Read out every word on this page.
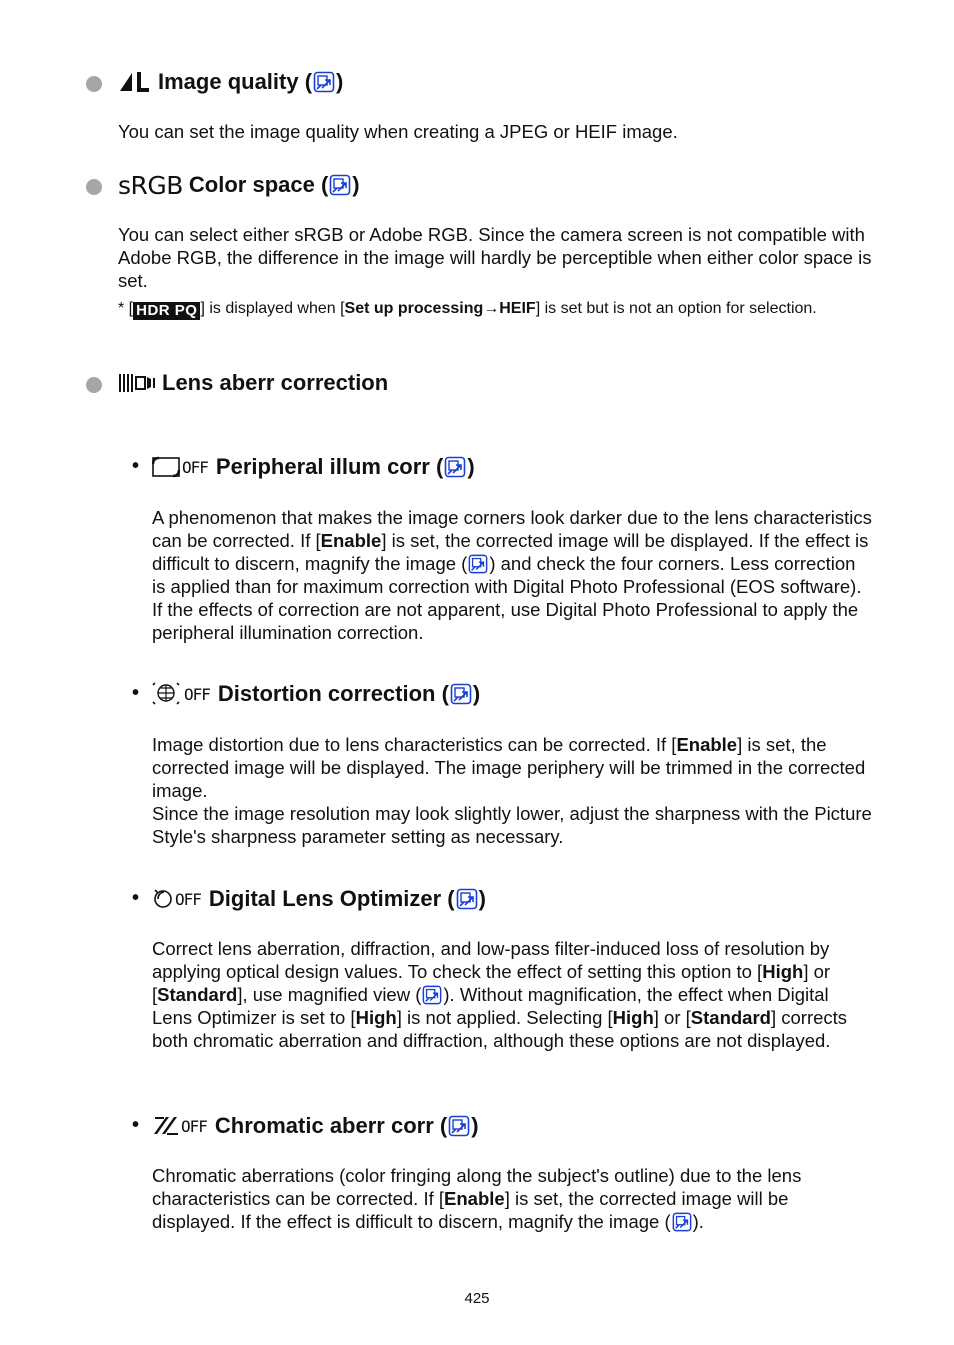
Image quality ( )
You can set the image quality when creating a JPEG or HEIF image.
sRGB Color space ( )
You can select either sRGB or Adobe RGB. Since the camera screen is not compatible with Adobe RGB, the difference in the image will hardly be perceptible when either color space is set.
* [ HDR PQ ] is displayed when [Set up processing→HEIF] is set but is not an option for selection.
Lens aberr correction
•	OFF Peripheral illum corr ( )
A phenomenon that makes the image corners look darker due to the lens characteristics can be corrected. If [Enable] is set, the corrected image will be displayed. If the effect is difficult to discern, magnify the image ( ) and check the four corners. Less correction is applied than for maximum correction with Digital Photo Professional (EOS software). If the effects of correction are not apparent, use Digital Photo Professional to apply the peripheral illumination correction.
•	OFF Distortion correction ( )
Image distortion due to lens characteristics can be corrected. If [Enable] is set, the corrected image will be displayed. The image periphery will be trimmed in the corrected image.
Since the image resolution may look slightly lower, adjust the sharpness with the Picture Style's sharpness parameter setting as necessary.
• OFF Digital Lens Optimizer ( )
Correct lens aberration, diffraction, and low-pass filter-induced loss of resolution by applying optical design values. To check the effect of setting this option to [High] or [Standard], use magnified view ( ). Without magnification, the effect when Digital Lens Optimizer is set to [High] is not applied. Selecting [High] or [Standard] corrects both chromatic aberration and diffraction, although these options are not displayed.
•	OFF Chromatic aberr corr ( )
Chromatic aberrations (color fringing along the subject's outline) due to the lens characteristics can be corrected. If [Enable] is set, the corrected image will be displayed. If the effect is difficult to discern, magnify the image ( ).
425
